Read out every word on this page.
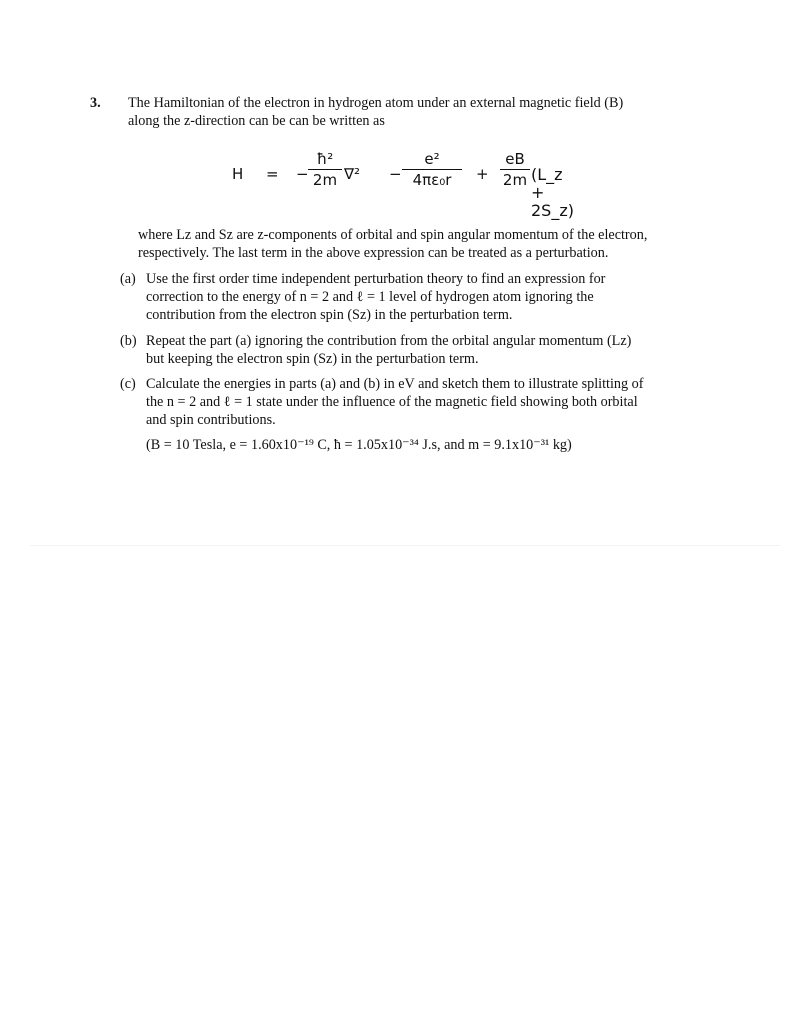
3. The Hamiltonian of the electron in hydrogen atom under an external magnetic field (B)
along the z-direction can be can be written as
H = −
ħ²
2m ∇² −
e²
4πε₀r	+
eB
2m (L_z + 2S_z)
where Lz and Sz are z-components of orbital and spin angular momentum of the electron,
respectively. The last term in the above expression can be treated as a perturbation.
(a) Use the first order time independent perturbation theory to find an expression for
correction to the energy of n = 2 and ℓ = 1 level of hydrogen atom ignoring the
contribution from the electron spin (Sz) in the perturbation term.
(b) Repeat the part (a) ignoring the contribution from the orbital angular momentum (Lz)
but keeping the electron spin (Sz) in the perturbation term.
(c) Calculate the energies in parts (a) and (b) in eV and sketch them to illustrate splitting of
the n = 2 and ℓ = 1 state under the influence of the magnetic field showing both orbital
and spin contributions.
(B = 10 Tesla, e = 1.60x10⁻¹⁹ C, ħ = 1.05x10⁻³⁴ J.s, and m = 9.1x10⁻³¹ kg)
